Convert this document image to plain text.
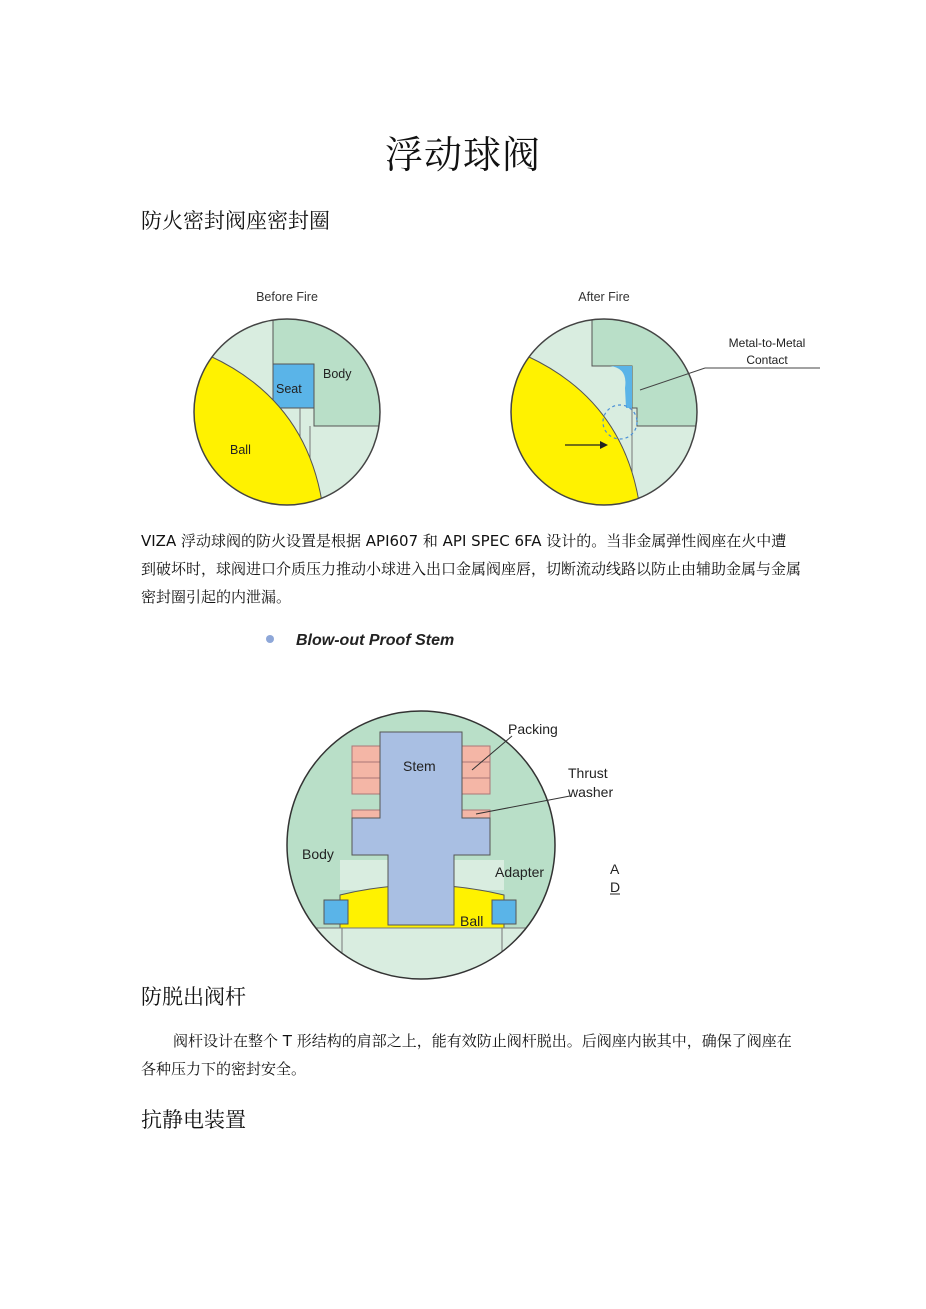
浮动球阀
防火密封阀座密封圈
Before Fire
Body
Seat
Ball
After Fire
Metal-to-Metal
Contact

VIZA 浮动球阀的防火设置是根据 API607 和 API SPEC 6FA 设计的。当非金属弹性阀座在火中遭到破坏时，球阀进口介质压力推动小球进入出口金属阀座唇，切断流动线路以防止由辅助金属与金属密封圈引起的内泄漏。

Blow-out Proof Stem
Packing
Stem	Thrust
washer
Body
Adapter
Ball
A
D
防脱出阀杆

阀杆设计在整个 T 形结构的肩部之上，能有效防止阀杆脱出。后阀座内嵌其中，确保了阀座在各种压力下的密封安全。

抗静电装置
